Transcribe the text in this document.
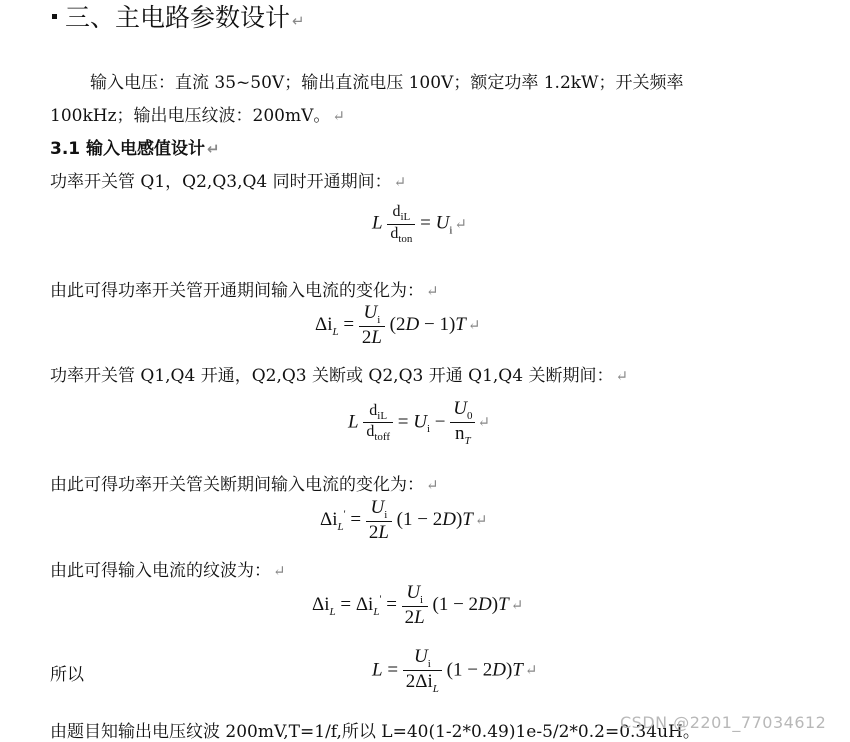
三、主电路参数设计 ↵
输入电压：直流 35~50V；输出直流电压 100V；额定功率 1.2kW；开关频率
100kHz；输出电压纹波：200mV。 ↵
3.1 输入电感值设计 ↵
功率开关管 Q1，Q2,Q3,Q4 同时开通期间： ↵
L $\frac{d_{iL}}{d_{ton}} = U_i$ ↵
由此可得功率开关管开通期间输入电流的变化为： ↵
$\Delta i_L = \frac{U_i}{2L} (2D - 1)T$ ↵
功率开关管 Q1,Q4 开通，Q2,Q3 关断或 Q2,Q3 开通 Q1,Q4 关断期间： ↵
L $\frac{d_{iL}}{d_{toff}} = U_i - \frac{U_0}{n_T}$ ↵
由此可得功率开关管关断期间输入电流的变化为： ↵
$\Delta i_L' = \frac{U_i}{2L} (1 - 2D)T$ ↵
由此可得输入电流的纹波为： ↵
$\Delta i_L = \Delta i_L' = \frac{U_i}{2L} (1 - 2D)T$ ↵
所以	$L = \frac{U_i}{2\Delta i_L} (1 - 2D)T$ ↵
由题目知输出电压纹波 200mV,T=1/f,所以 L=40(1-2*0.49)1e-5/2*0.2=0.34uH。
CSDN @2201_77034612
